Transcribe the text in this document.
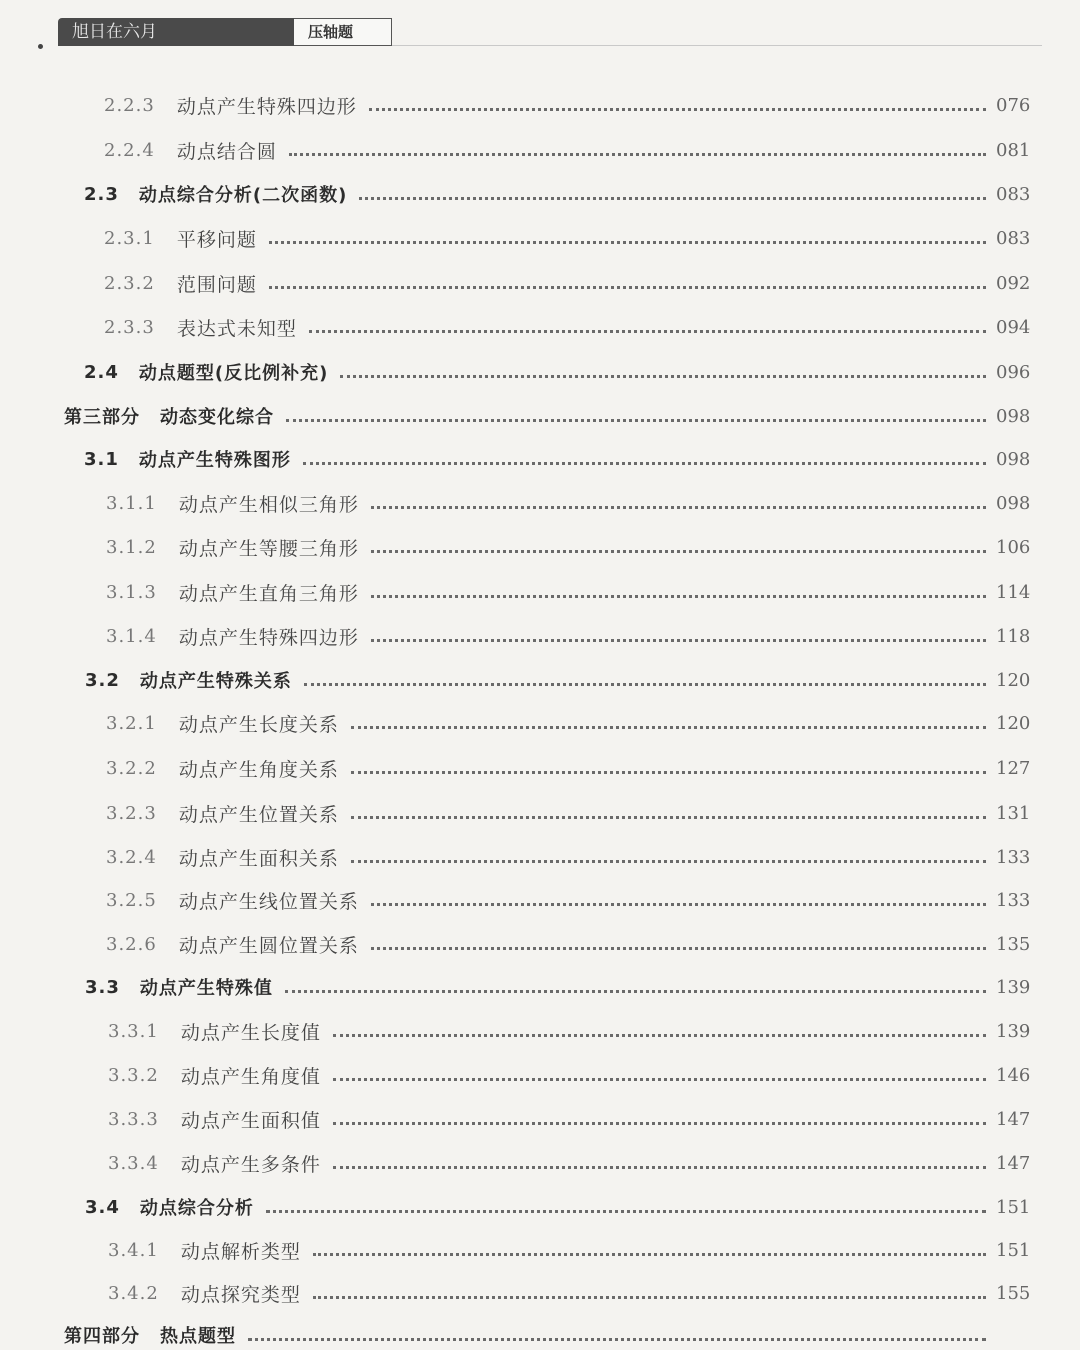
旭日在六月	压轴题
2.2.3 动点产生特殊四边形	076
2.2.4 动点结合圆	081
2.3 动点综合分析(二次函数)	083
2.3.1 平移问题	083
2.3.2 范围问题	092
2.3.3 表达式未知型	094
2.4 动点题型(反比例补充)	096
第三部分 动态变化综合	098
3.1 动点产生特殊图形	098
3.1.1 动点产生相似三角形	098
3.1.2 动点产生等腰三角形	106
3.1.3 动点产生直角三角形	114
3.1.4 动点产生特殊四边形	118
3.2 动点产生特殊关系	120
3.2.1 动点产生长度关系	120
3.2.2 动点产生角度关系	127
3.2.3 动点产生位置关系	131
3.2.4 动点产生面积关系	133
3.2.5 动点产生线位置关系	133
3.2.6 动点产生圆位置关系	135
3.3 动点产生特殊值	139
3.3.1 动点产生长度值	139
3.3.2 动点产生角度值	146
3.3.3 动点产生面积值	147
3.3.4 动点产生多条件	147
3.4 动点综合分析	151
3.4.1 动点解析类型	151
3.4.2 动点探究类型	155
第四部分 热点题型
